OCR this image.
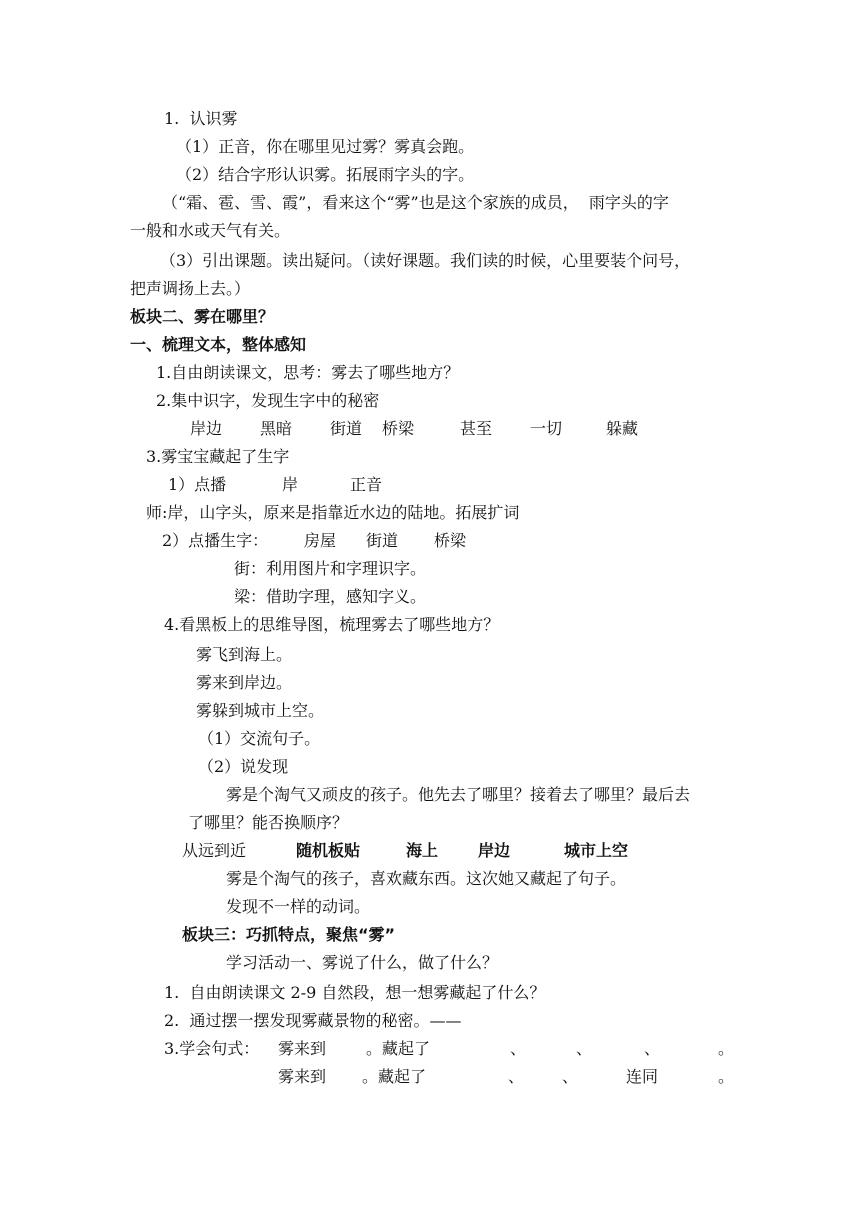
1.  认识雾
（1）正音，你在哪里见过雾？雾真会跑。
（2）结合字形认识雾。拓展雨字头的字。
（“霜、雹、雪、霞”，看来这个“雾”也是这个家族的成员，  雨字头的字
一般和水或天气有关。
（3）引出课题。读出疑问。（读好课题。我们读的时候，心里要装个问号，
把声调扬上去。）
板块二、雾在哪里？
一、梳理文本，整体感知
1.自由朗读课文，思考：雾去了哪些地方？
2.集中识字，发现生字中的秘密
岸边 黑暗 街道 桥梁	甚至 一切	躲藏
3.雾宝宝藏起了生字
1）点播	岸	正音
师:岸，山字头，原来是指靠近水边的陆地。拓展扩词
2）点播生字： 房屋 街道 桥梁
街：利用图片和字理识字。
梁：借助字理，感知字义。
4.看黑板上的思维导图，梳理雾去了哪些地方？
雾飞到海上。
雾来到岸边。
雾躲到城市上空。
（1）交流句子。
（2）说发现
雾是个淘气又顽皮的孩子。他先去了哪里？接着去了哪里？最后去
了哪里？能否换顺序？
从远到近	随机板贴	海上 岸边	城市上空
雾是个淘气的孩子，喜欢藏东西。这次她又藏起了句子。
发现不一样的动词。
板块三：巧抓特点，聚焦“雾”
学习活动一、雾说了什么，做了什么？
1.  自由朗读课文 2-9 自然段，想一想雾藏起了什么？
2.  通过摆一摆发现雾藏景物的秘密。——
3.学会句式： 雾来到 。藏起了	、	、	、	。
雾来到 。藏起了	、 、	连同	。
